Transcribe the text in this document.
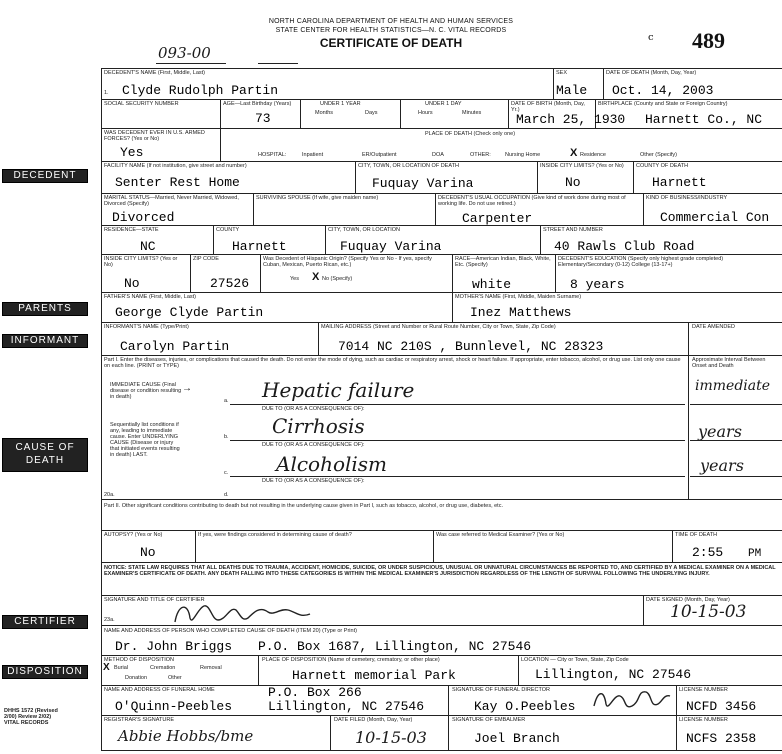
NORTH CAROLINA DEPARTMENT OF HEALTH AND HUMAN SERVICES
STATE CENTER FOR HEALTH STATISTICS—N. C. VITAL RECORDS
CERTIFICATE OF DEATH	ᶜ 489
093-00
DECEDENT
PARENTS
INFORMANT
CAUSE OF DEATH
CERTIFIER
DISPOSITION
DECEDENT'S NAME (First, Middle, Last)
1. Clyde Rudolph Partin
SEX
Male
DATE OF DEATH (Month, Day, Year)
Oct. 14, 2003
SOCIAL SECURITY NUMBER	AGE—Last Birthday (Years)
73
UNDER 1 YEAR
Months	Days
UNDER 1 DAY
Hours	Minutes
DATE OF BIRTH (Month, Day, Yr.)
March 25, 1930
BIRTHPLACE (County and State or Foreign Country)
Harnett Co., NC
WAS DECEDENT EVER IN U.S. ARMED FORCES? (Yes or No)
Yes
PLACE OF DEATH (Check only one)
HOSPITAL:	Inpatient	ER/Outpatient	DOA	OTHER:	Nursing Home	X Residence	Other (Specify)
FACILITY NAME (If not institution, give street and number)
Senter Rest Home
CITY, TOWN, OR LOCATION OF DEATH
Fuquay Varina
INSIDE CITY LIMITS? (Yes or No)
No
COUNTY OF DEATH
Harnett
MARITAL STATUS—Married, Never Married, Widowed, Divorced (Specify)
Divorced
SURVIVING SPOUSE (If wife, give maiden name)	DECEDENT'S USUAL OCCUPATION (Give kind of work done during most of working life. Do not use retired.)
Carpenter
KIND OF BUSINESS/INDUSTRY
Commercial Con
RESIDENCE—STATE
NC
COUNTY
Harnett
CITY, TOWN, OR LOCATION
Fuquay Varina
STREET AND NUMBER
40 Rawls Club Road
INSIDE CITY LIMITS? (Yes or No)
No
ZIP CODE
27526
Was Decedent of Hispanic Origin? (Specify Yes or No - If yes, specify Cuban, Mexican, Puerto Rican, etc.)
Yes X No (Specify)
RACE—American Indian, Black, White, Etc. (Specify)
white
DECEDENT'S EDUCATION (Specify only highest grade completed) Elementary/Secondary (0-12) College (13-17+)
8 years
FATHER'S NAME (First, Middle, Last)
George Clyde Partin
MOTHER'S NAME (First, Middle, Maiden Surname)
Inez Matthews
INFORMANT'S NAME (Type/Print)
Carolyn Partin
MAILING ADDRESS (Street and Number or Rural Route Number, City or Town, State, Zip Code)
7014 NC 210S , Bunnlevel, NC 28323
DATE AMENDED
Part I. Enter the diseases, injuries, or complications that caused the death. Do not enter the mode of dying, such as cardiac or respiratory arrest, shock or heart failure. If appropriate, enter tobacco, alcohol, or drug use. List only one cause on each line. (PRINT or TYPE)
Approximate Interval Between Onset and Death
IMMEDIATE CAUSE (Final disease or condition resulting in death)
Sequentially list conditions if any, leading to immediate cause. Enter UNDERLYING CAUSE (Disease or injury that initiated events resulting in death) LAST.
→
a. Hepatic failure
DUE TO (OR AS A CONSEQUENCE OF):
immediate
b. Cirrhosis
DUE TO (OR AS A CONSEQUENCE OF):
years
c. Alcoholism
DUE TO (OR AS A CONSEQUENCE OF):
years
20a.	d.
Part II. Other significant conditions contributing to death but not resulting in the underlying cause given in Part I, such as tobacco, alcohol, or drug use, diabetes, etc.
AUTOPSY? (Yes or No)
No
If yes, were findings considered in determining cause of death?	Was case referred to Medical Examiner? (Yes or No)	TIME OF DEATH
2:55 PM
NOTICE: STATE LAW REQUIRES THAT ALL DEATHS DUE TO TRAUMA, ACCIDENT, HOMICIDE, SUICIDE, OR UNDER SUSPICIOUS, UNUSUAL OR UNNATURAL CIRCUMSTANCES BE REPORTED TO, AND CERTIFIED BY A MEDICAL EXAMINER ON A MEDICAL EXAMINER'S CERTIFICATE OF DEATH. ANY DEATH FALLING INTO THESE CATEGORIES IS WITHIN THE MEDICAL EXAMINER'S JURISDICTION REGARDLESS OF THE LENGTH OF SURVIVAL FOLLOWING THE UNDERLYING INJURY.
SIGNATURE AND TITLE OF CERTIFIER
23a.
DATE SIGNED (Month, Day, Year)
10-15-03
NAME AND ADDRESS OF PERSON WHO COMPLETED CAUSE OF DEATH (ITEM 20) (Type or Print)
Dr. John Briggs P.O. Box 1687, Lillington, NC 27546
METHOD OF DISPOSITION
X Burial	Cremation	Removal
Donation	Other
PLACE OF DISPOSITION (Name of cemetery, crematory, or other place)
Harnett memorial Park
LOCATION — City or Town, State, Zip Code
Lillington, NC 27546
NAME AND ADDRESS OF FUNERAL HOME
O'Quinn-Peebles
P.O. Box 266
Lillington, NC 27546
SIGNATURE OF FUNERAL DIRECTOR
Kay O.Peebles
LICENSE NUMBER
NCFD 3456
REGISTRAR'S SIGNATURE
Abbie Hobbs/bme
DATE FILED (Month, Day, Year)
10-15-03
SIGNATURE OF EMBALMER
Joel Branch
LICENSE NUMBER
NCFS 2358
DHHS 1572 (Revised 2/00) Review 2/02) VITAL RECORDS
